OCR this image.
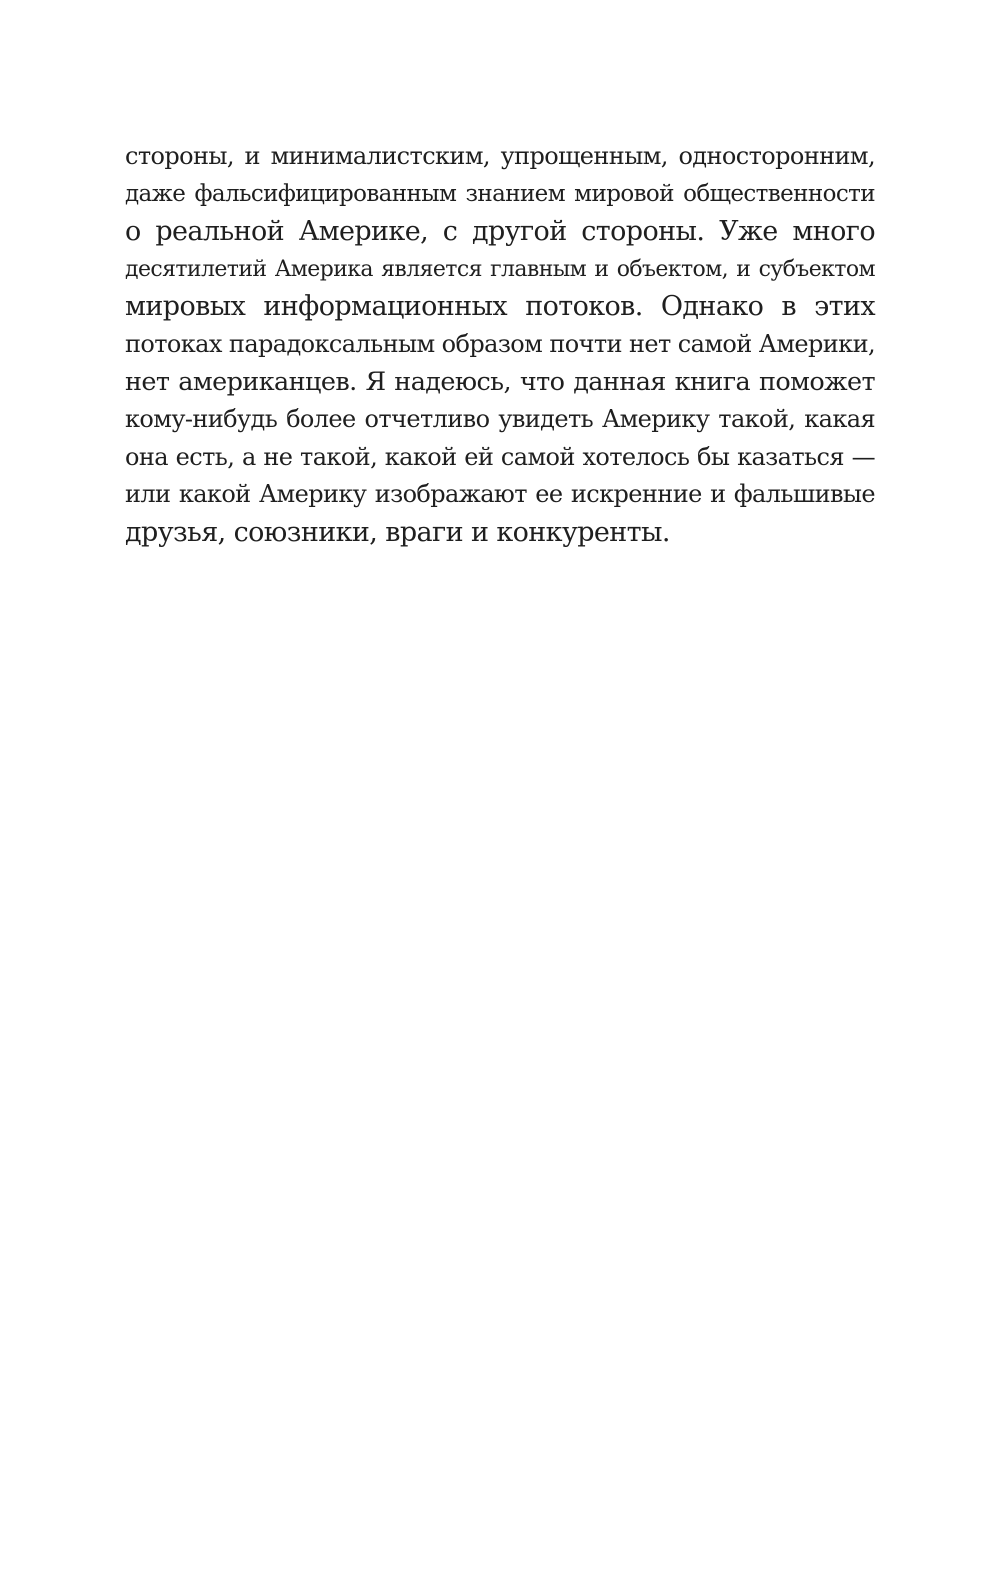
стороны, и минималистским, упрощенным, односторонним,
даже фальсифицированным знанием мировой общественности
о реальной Америке, с другой стороны. Уже много
десятилетий Америка является главным и объектом, и субъектом
мировых информационных потоков. Однако в этих
потоках парадоксальным образом почти нет самой Америки,
нет американцев. Я надеюсь, что данная книга поможет
кому-нибудь более отчетливо увидеть Америку такой, какая
она есть, а не такой, какой ей самой хотелось бы казаться —
или какой Америку изображают ее искренние и фальшивые
друзья, союзники, враги и конкуренты.
